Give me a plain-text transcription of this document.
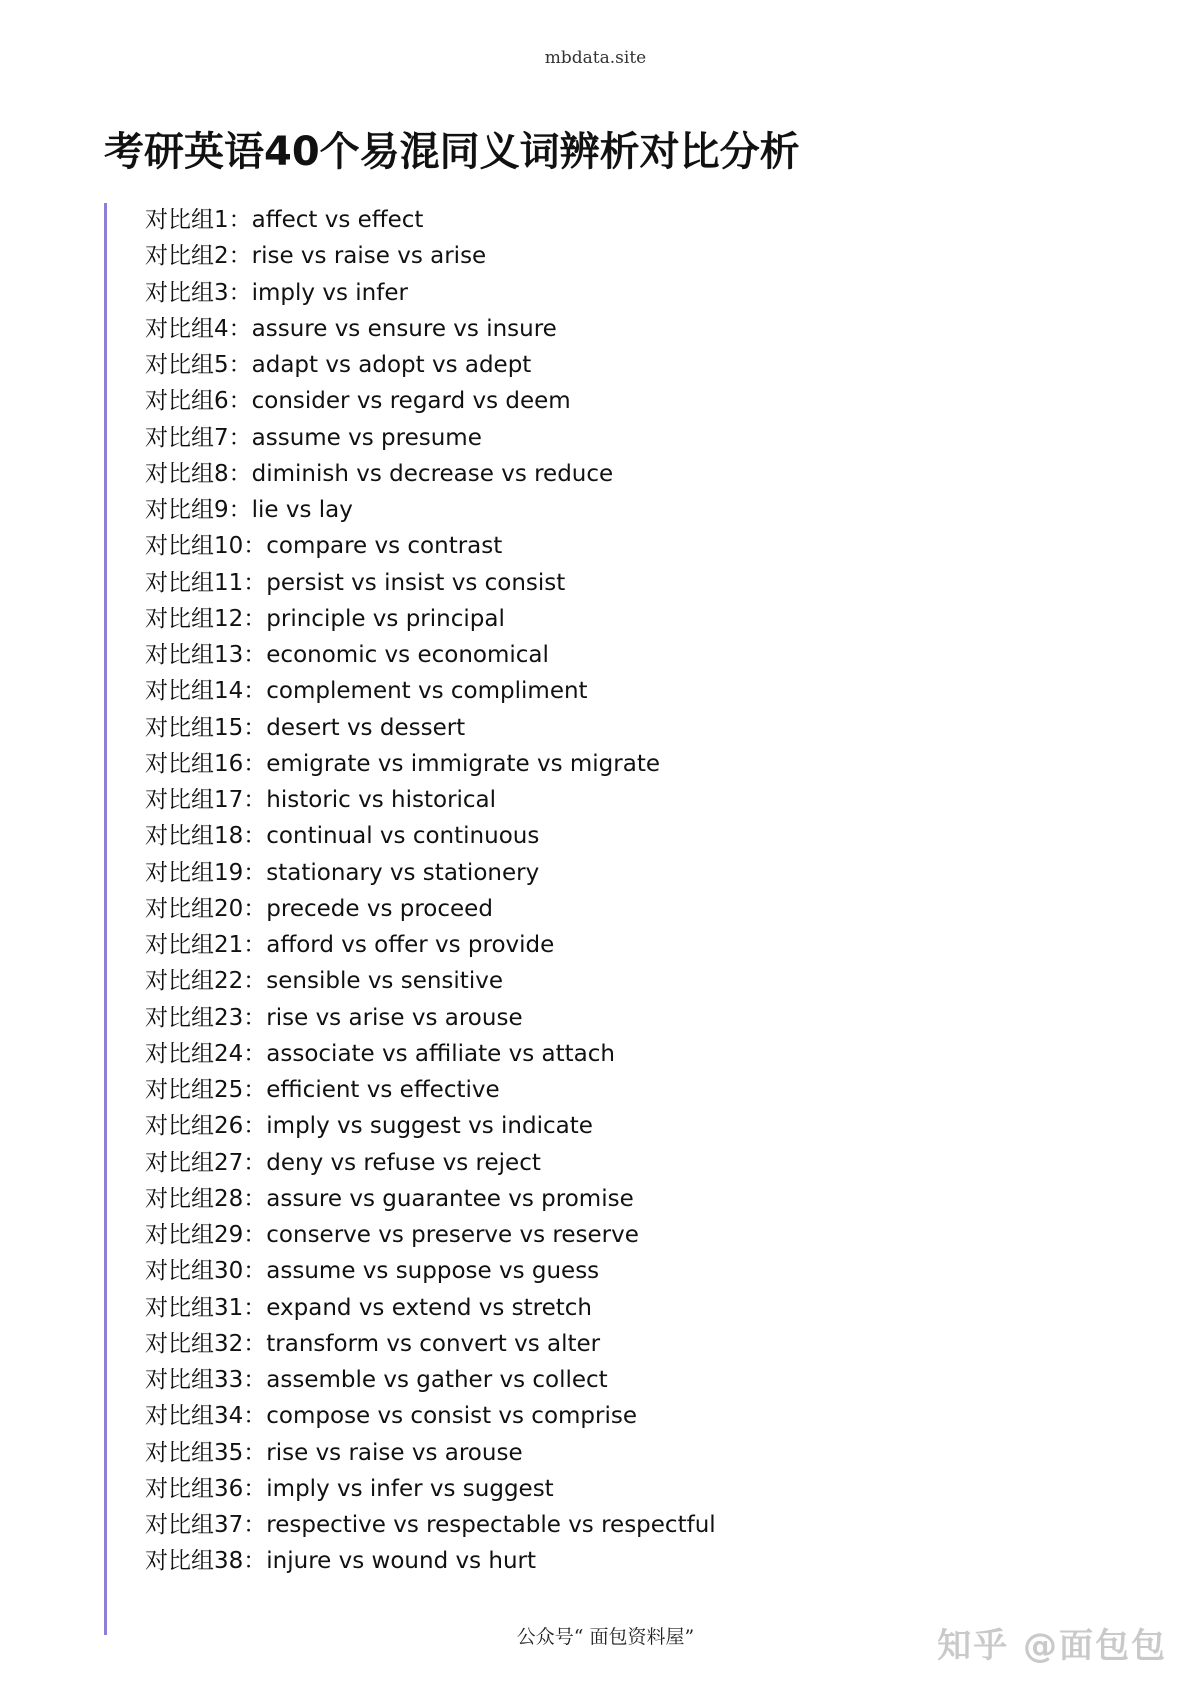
mbdata.site
考研英语40个易混同义词辨析对比分析
对比组1：affect vs effect
对比组2：rise vs raise vs arise
对比组3：imply vs infer
对比组4：assure vs ensure vs insure
对比组5：adapt vs adopt vs adept
对比组6：consider vs regard vs deem
对比组7：assume vs presume
对比组8：diminish vs decrease vs reduce
对比组9：lie vs lay
对比组10：compare vs contrast
对比组11：persist vs insist vs consist
对比组12：principle vs principal
对比组13：economic vs economical
对比组14：complement vs compliment
对比组15：desert vs dessert
对比组16：emigrate vs immigrate vs migrate
对比组17：historic vs historical
对比组18：continual vs continuous
对比组19：stationary vs stationery
对比组20：precede vs proceed
对比组21：afford vs offer vs provide
对比组22：sensible vs sensitive
对比组23：rise vs arise vs arouse
对比组24：associate vs affiliate vs attach
对比组25：efficient vs effective
对比组26：imply vs suggest vs indicate
对比组27：deny vs refuse vs reject
对比组28：assure vs guarantee vs promise
对比组29：conserve vs preserve vs reserve
对比组30：assume vs suppose vs guess
对比组31：expand vs extend vs stretch
对比组32：transform vs convert vs alter
对比组33：assemble vs gather vs collect
对比组34：compose vs consist vs comprise
对比组35：rise vs raise vs arouse
对比组36：imply vs infer vs suggest
对比组37：respective vs respectable vs respectful
对比组38：injure vs wound vs hurt
公众号“ 面包资料屋”	知乎 @面包包
